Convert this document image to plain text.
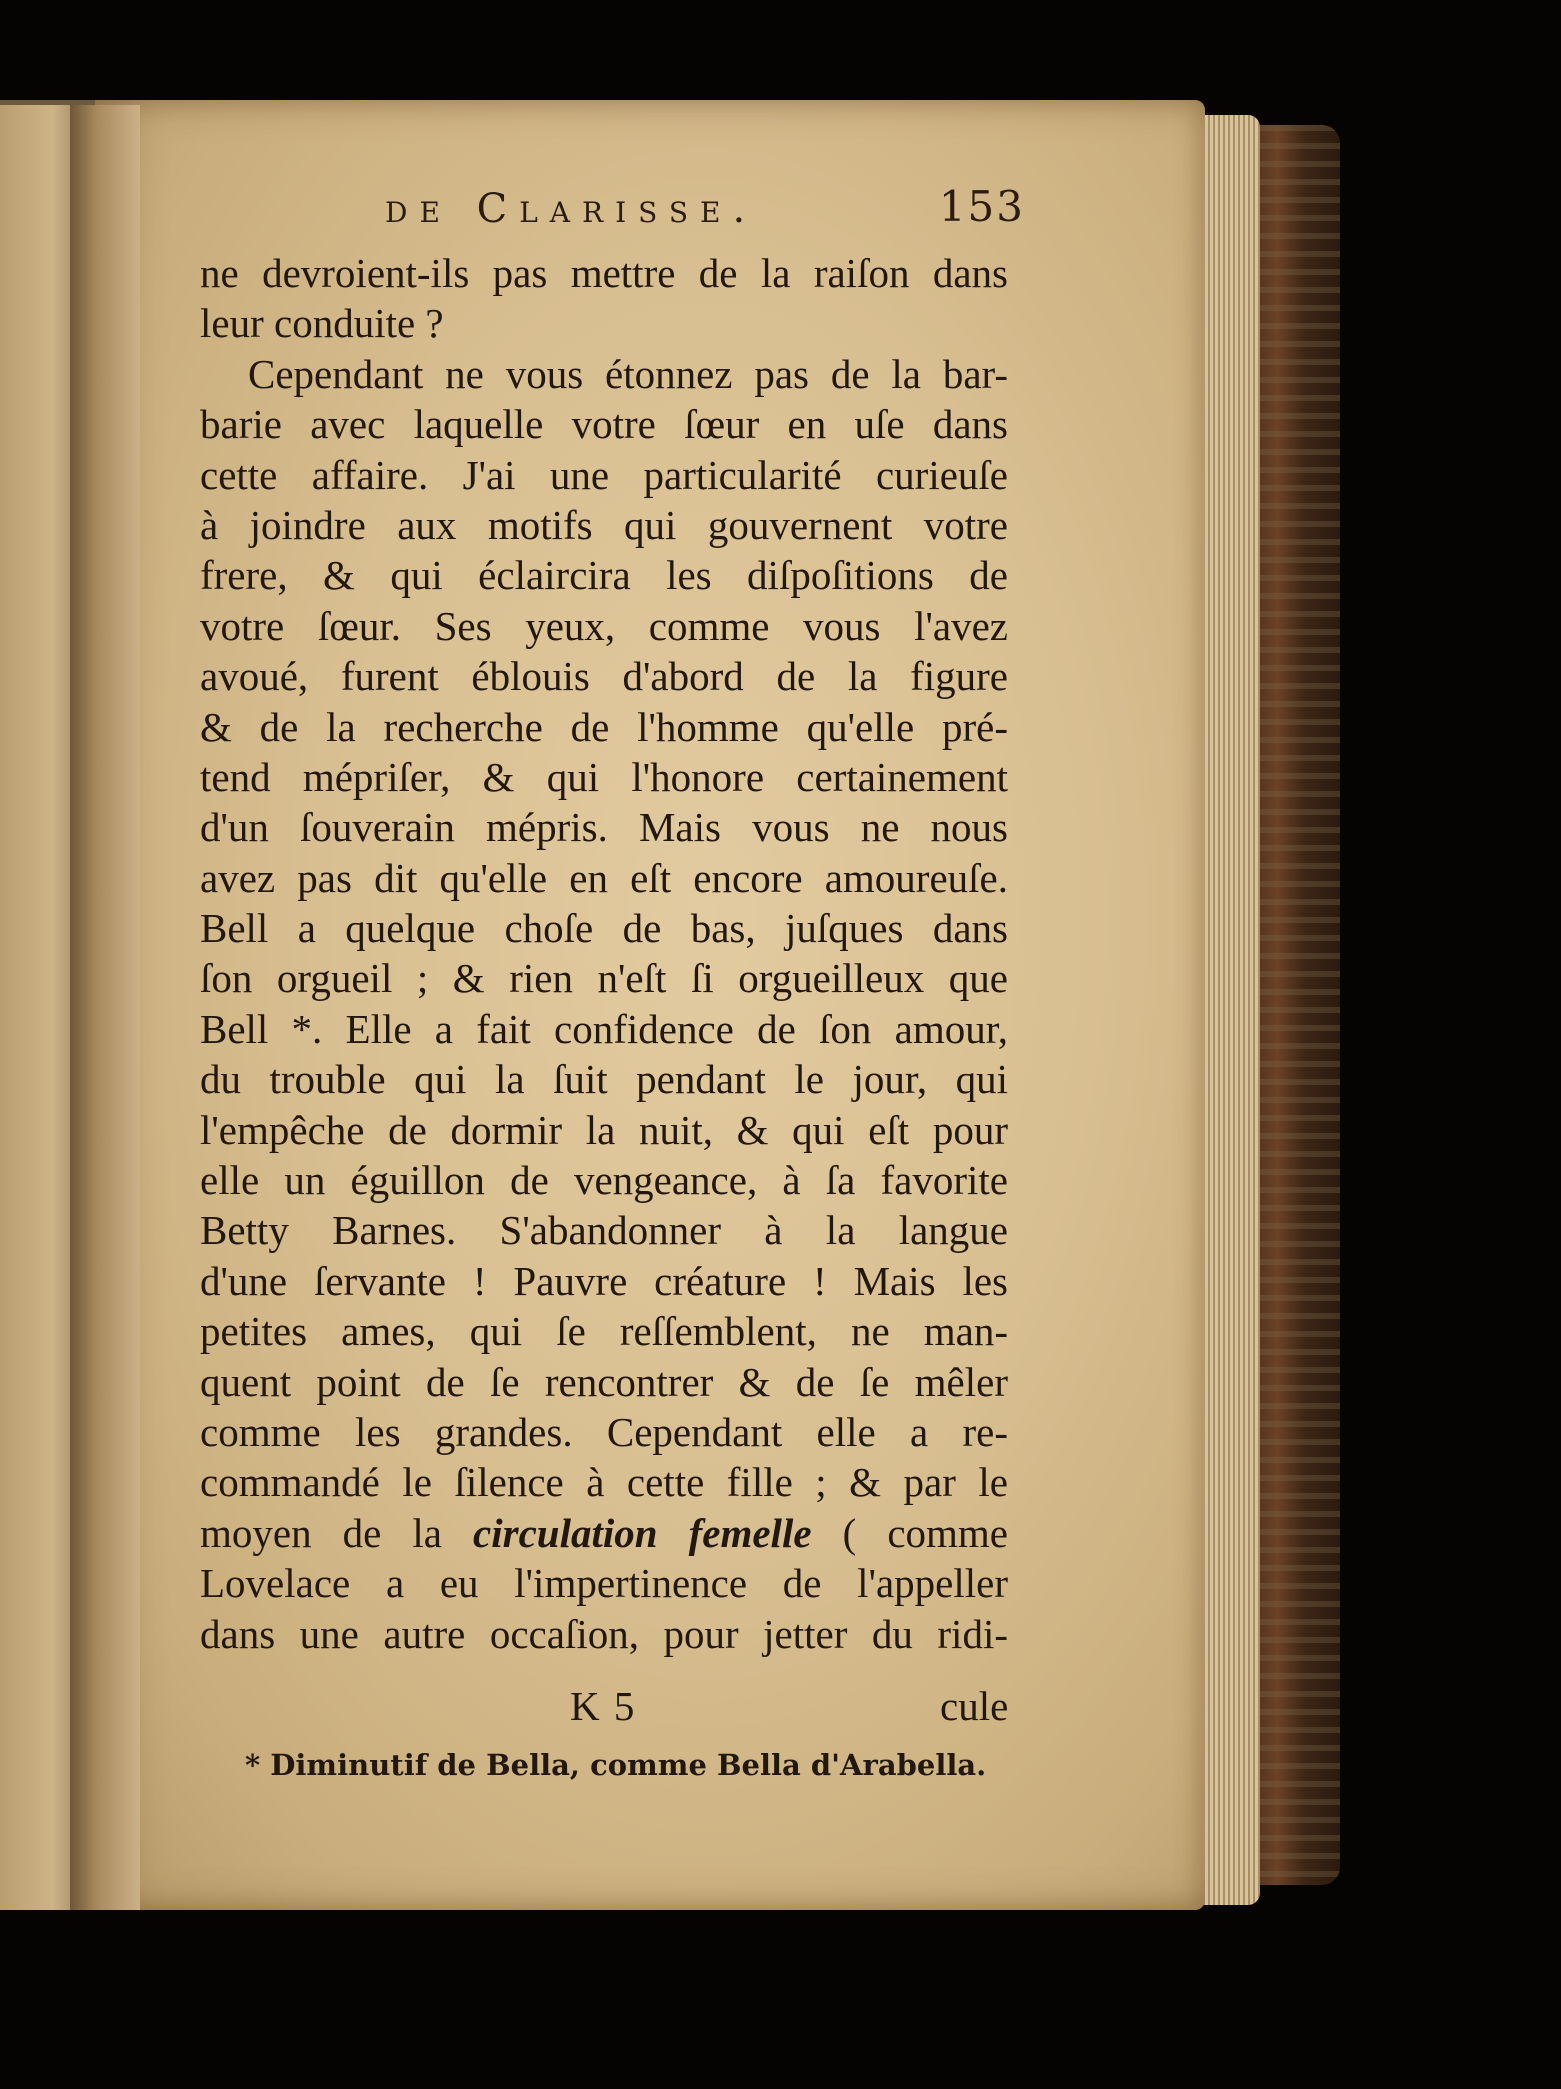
de Clarisse.	153
ne devroient-ils pas mettre de la raiſon dans
leur conduite ?
Cependant ne vous étonnez pas de la bar-
barie avec laquelle votre ſœur en uſe dans
cette affaire. J'ai une particularité curieuſe
à joindre aux motifs qui gouvernent votre
frere, & qui éclaircira les diſpoſitions de
votre ſœur. Ses yeux, comme vous l'avez
avoué, furent éblouis d'abord de la figure
& de la recherche de l'homme qu'elle pré-
tend mépriſer, & qui l'honore certainement
d'un ſouverain mépris. Mais vous ne nous
avez pas dit qu'elle en eſt encore amoureuſe.
Bell a quelque choſe de bas, juſques dans
ſon orgueil ; & rien n'eſt ſi orgueilleux que
Bell *. Elle a fait confidence de ſon amour,
du trouble qui la ſuit pendant le jour, qui
l'empêche de dormir la nuit, & qui eſt pour
elle un éguillon de vengeance, à ſa favorite
Betty Barnes. S'abandonner à la langue
d'une ſervante ! Pauvre créature ! Mais les
petites ames, qui ſe reſſemblent, ne man-
quent point de ſe rencontrer & de ſe mêler
comme les grandes. Cependant elle a re-
commandé le ſilence à cette fille ; & par le
moyen de la circulation femelle ( comme
Lovelace a eu l'impertinence de l'appeller
dans une autre occaſion, pour jetter du ridi-
K 5	cule
* Diminutif de Bella, comme Bella d'Arabella.
